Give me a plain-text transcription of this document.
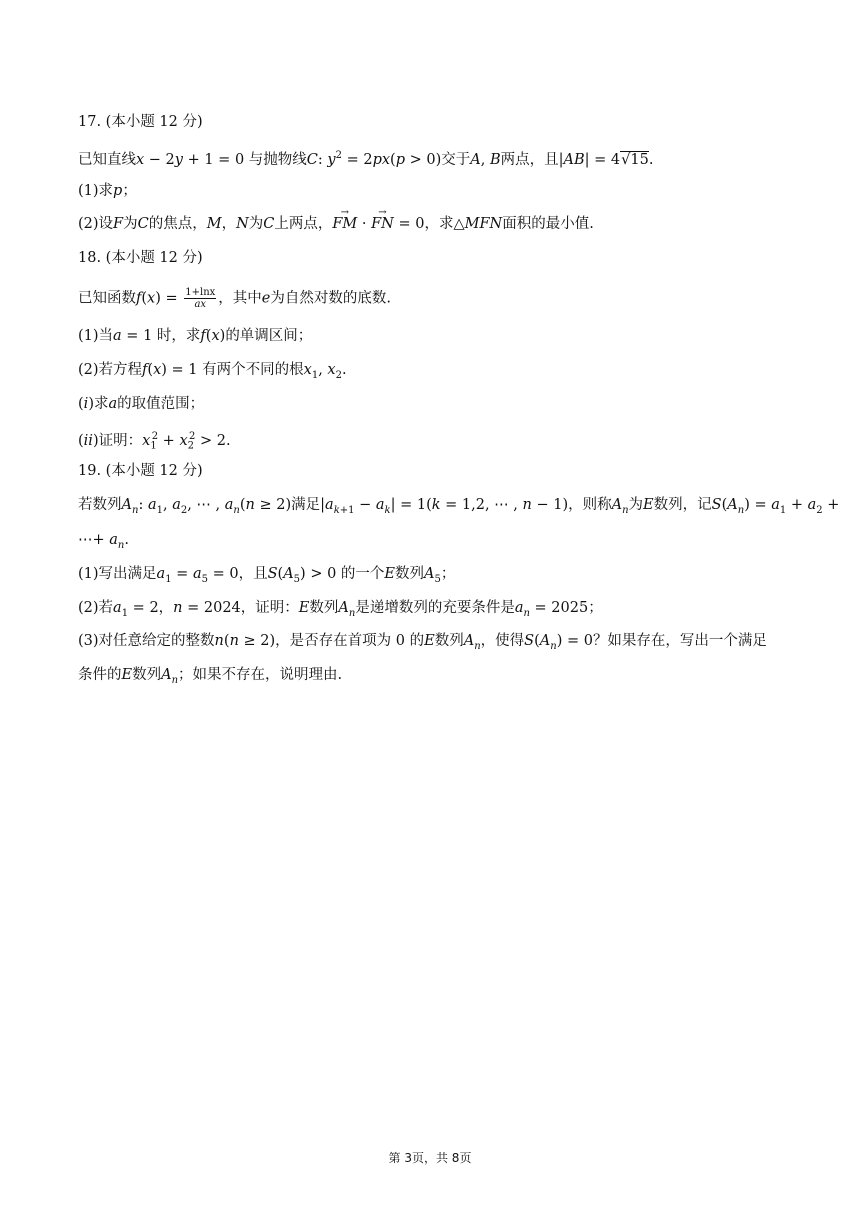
17. (本小题 12 分)
已知直线x − 2y + 1 = 0 与抛物线C: $y^2 = 2px(p > 0)$交于A, B两点，且|AB| = 4√15.
(1)求p；
(2)设F为C的焦点，M，N为C上两点，→ FM · → FN = 0，求△MFN面积的最小值.
18. (本小题 12 分)
已知函数$f(x) = \frac{1+\ln x}{ax}$ ，其中e为自然对数的底数.
(1)当a = 1 时，求f(x)的单调区间；
(2)若方程f(x) = 1 有两个不同的根$x_1$, $x_2$.
(i)求a的取值范围；
(ii)证明：$x_1^2 + x_2^2 > 2$.
19. (本小题 12 分)
若数列$A_n$: $a_1$, $a_2$, ⋯ , $a_n(n \ge 2)$满足$|a_{k+1} - a_k| = 1(k = 1,2$, ⋯ , n − 1)，则称$A_n$为E数列，记$S(A_n) = a_1 + a_2$ +
⋯+ $a_n$.
(1)写出满足$a_1 = a_5 = 0$，且$S(A_5) > 0$ 的一个E数列$A_5$；
(2)若$a_1 = 2$，n = 2024，证明：E数列$A_n$是递增数列的充要条件是$a_n = 2025$；
(3)对任意给定的整数n(n ≥ 2)，是否存在首项为 0 的E数列$A_n$，使得$S(A_n) = 0$？如果存在，写出一个满足
条件的E数列$A_n$；如果不存在，说明理由.
第 3页，共 8页
